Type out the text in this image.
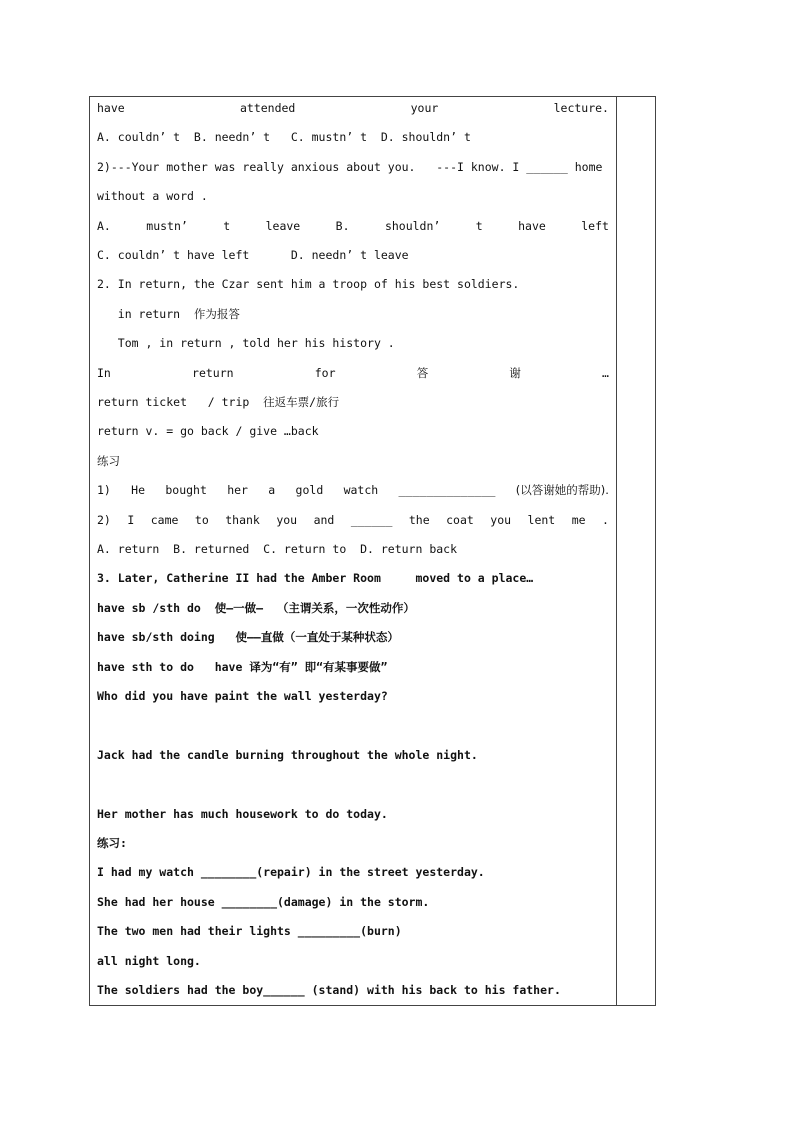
have	attended	your	lecture.
A. couldn’ t  B. needn’ t   C. mustn’ t  D. shouldn’ t
2)---Your mother was really anxious about you.   ---I know. I ______ home
without a word .
A.	mustn’	t	leave	B.	shouldn’	t	have	left
C. couldn’ t have left      D. needn’ t leave
2. In return, the Czar sent him a troop of his best soldiers.
in return  作为报答
Tom , in return , told her his history .
In	return	for	答	谢	…
return ticket   / trip  往返车票/旅行
return v. = go back / give …back
练习
1) He bought her a gold watch ______________ (以答谢她的帮助).
2) I came to thank you and ______ the coat you lent me .
A. return  B. returned  C. return to  D. return back
3. Later, Catherine II had the Amber Room     moved to a place…
have sb /sth do  使—一做—  （主谓关系，一次性动作）
have sb/sth doing   使——直做（一直处于某种状态）
have sth to do   have 译为“有” 即“有某事要做”
Who did you have paint the wall yesterday?
Jack had the candle burning throughout the whole night.
Her mother has much housework to do today.
练习:
I had my watch ________(repair) in the street yesterday.
She had her house ________(damage) in the storm.
The two men had their lights _________(burn)
all night long.
The soldiers had the boy______ (stand) with his back to his father.
